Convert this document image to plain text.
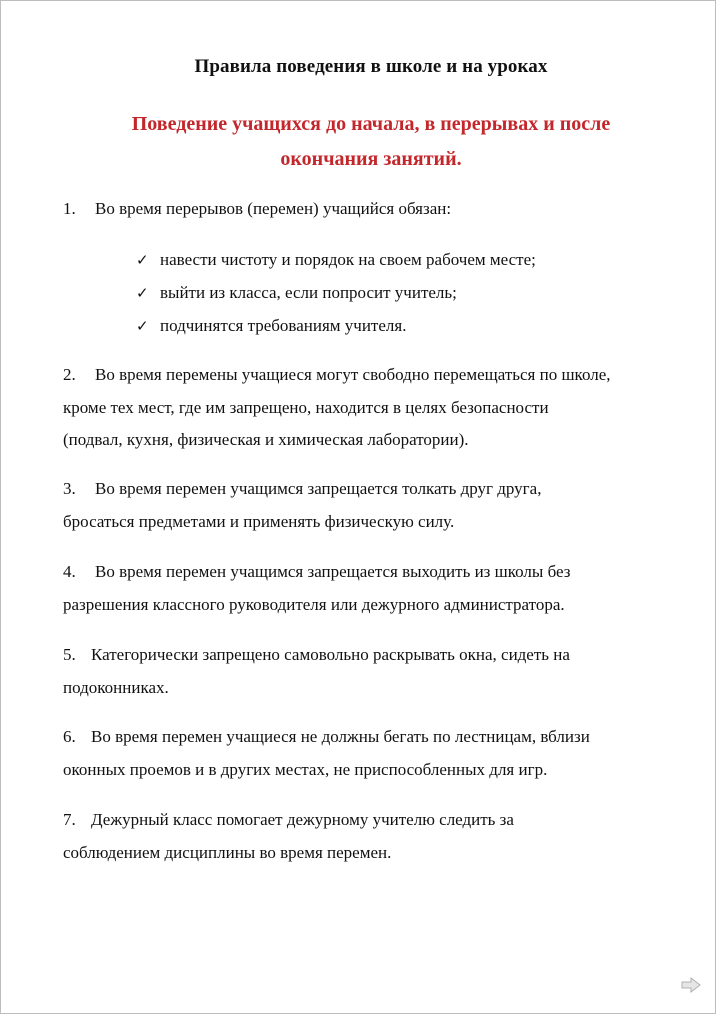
Правила поведения в школе и на уроках
Поведение учащихся до начала, в перерывах и после
окончания занятий.
1. Во время перерывов (перемен) учащийся обязан:
✓ навести чистоту и порядок на своем рабочем месте;
✓ выйти из класса, если попросит учитель;
✓ подчинятся требованиям учителя.
2. Во время перемены учащиеся могут свободно перемещаться по школе,
кроме тех мест, где им запрещено, находится в целях безопасности
(подвал, кухня, физическая и химическая лаборатории).
3. Во время перемен учащимся запрещается толкать друг друга,
бросаться предметами и применять физическую силу.
4. Во время перемен учащимся запрещается выходить из школы без
разрешения классного руководителя или дежурного администратора.
5. Категорически запрещено самовольно раскрывать окна, сидеть на
подоконниках.
6. Во время перемен учащиеся не должны бегать по лестницам, вблизи
оконных проемов и в других местах, не приспособленных для игр.
7. Дежурный класс помогает дежурному учителю следить за
соблюдением дисциплины во время перемен.
